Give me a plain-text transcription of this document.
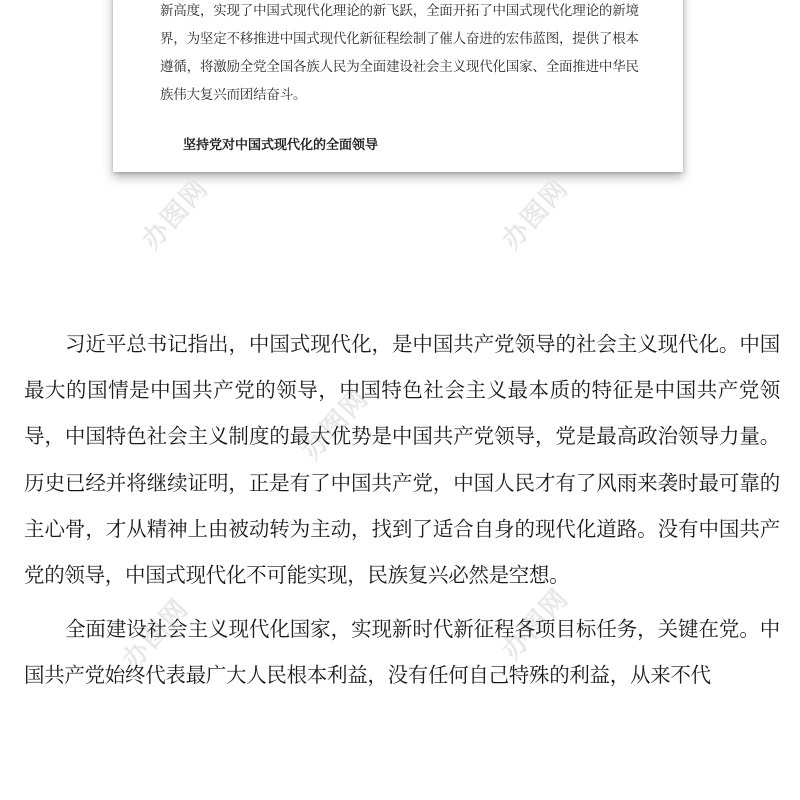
新高度，实现了中国式现代化理论的新飞跃，全面开拓了中国式现代化理论的新境界，为坚定不移推进中国式现代化新征程绘制了催人奋进的宏伟蓝图，提供了根本遵循，将激励全党全国各族人民为全面建设社会主义现代化国家、全面推进中华民族伟大复兴而团结奋斗。

坚持党对中国式现代化的全面领导

办图网	办图网
办图网
办图网	办图网

习近平总书记指出，中国式现代化，是中国共产党领导的社会主义现代化。中国最大的国情是中国共产党的领导，中国特色社会主义最本质的特征是中国共产党领导，中国特色社会主义制度的最大优势是中国共产党领导，党是最高政治领导力量。历史已经并将继续证明，正是有了中国共产党，中国人民才有了风雨来袭时最可靠的主心骨，才从精神上由被动转为主动，找到了适合自身的现代化道路。没有中国共产党的领导，中国式现代化不可能实现，民族复兴必然是空想。

全面建设社会主义现代化国家，实现新时代新征程各项目标任务，关键在党。中国共产党始终代表最广大人民根本利益，没有任何自己特殊的利益，从来不代
